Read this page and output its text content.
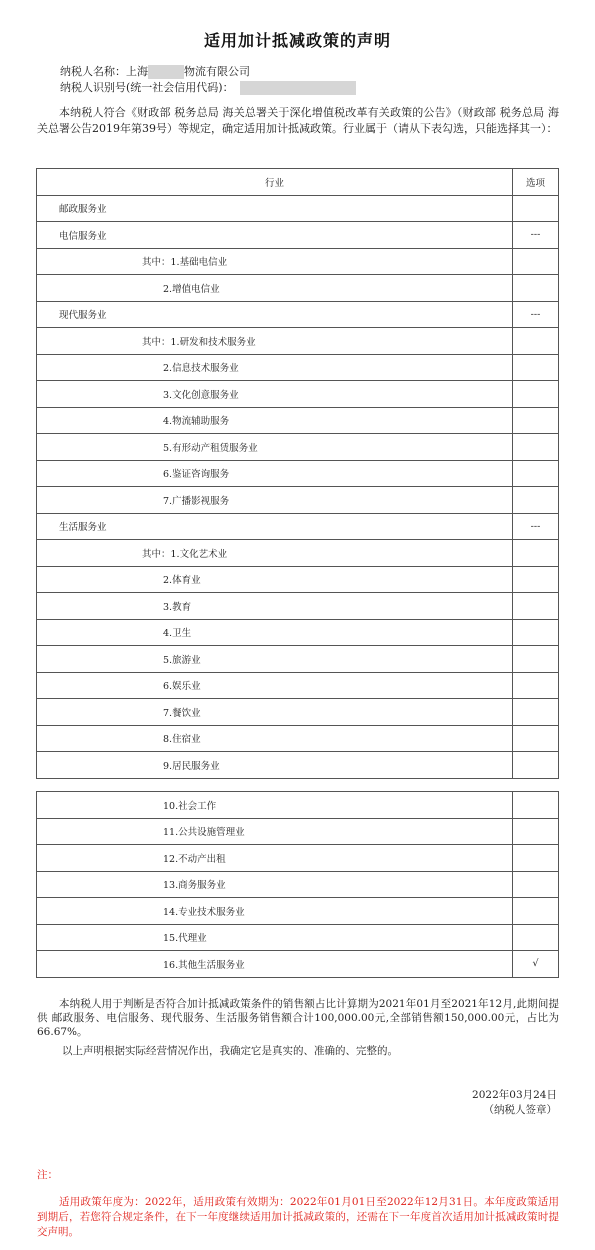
适用加计抵减政策的声明
纳税人名称：上海	物流有限公司
纳税人识别号(统一社会信用代码)：
本纳税人符合《财政部 税务总局 海关总署关于深化增值税改革有关政策的公告》（财政部 税务总局 海关总署公告2019年第39号）等规定，确定适用加计抵减政策。行业属于（请从下表勾选，只能选择其一）：
行业	选项
邮政服务业	
电信服务业	---
其中：1.基础电信业	
2.增值电信业	
现代服务业	---
其中：1.研发和技术服务业	
2.信息技术服务业	
3.文化创意服务业	
4.物流辅助服务	
5.有形动产租赁服务业	
6.鉴证咨询服务	
7.广播影视服务	
生活服务业	---
其中：1.文化艺术业	
2.体育业	
3.教育	
4.卫生	
5.旅游业	
6.娱乐业	
7.餐饮业	
8.住宿业	
9.居民服务业	
10.社会工作	
11.公共设施管理业	
12.不动产出租	
13.商务服务业	
14.专业技术服务业	
15.代理业	
16.其他生活服务业	√
本纳税人用于判断是否符合加计抵减政策条件的销售额占比计算期为2021年01月至2021年12月,此期间提供 邮政服务、电信服务、现代服务、生活服务销售额合计100,000.00元,全部销售额150,000.00元，占比为 66.67%。
以上声明根据实际经营情况作出，我确定它是真实的、准确的、完整的。
2022年03月24日
（纳税人签章）
注：
适用政策年度为：2022年，适用政策有效期为：2022年01月01日至2022年12月31日。本年度政策适用到期后，若您符合规定条件，在下一年度继续适用加计抵减政策的，还需在下一年度首次适用加计抵减政策时提交声明。
